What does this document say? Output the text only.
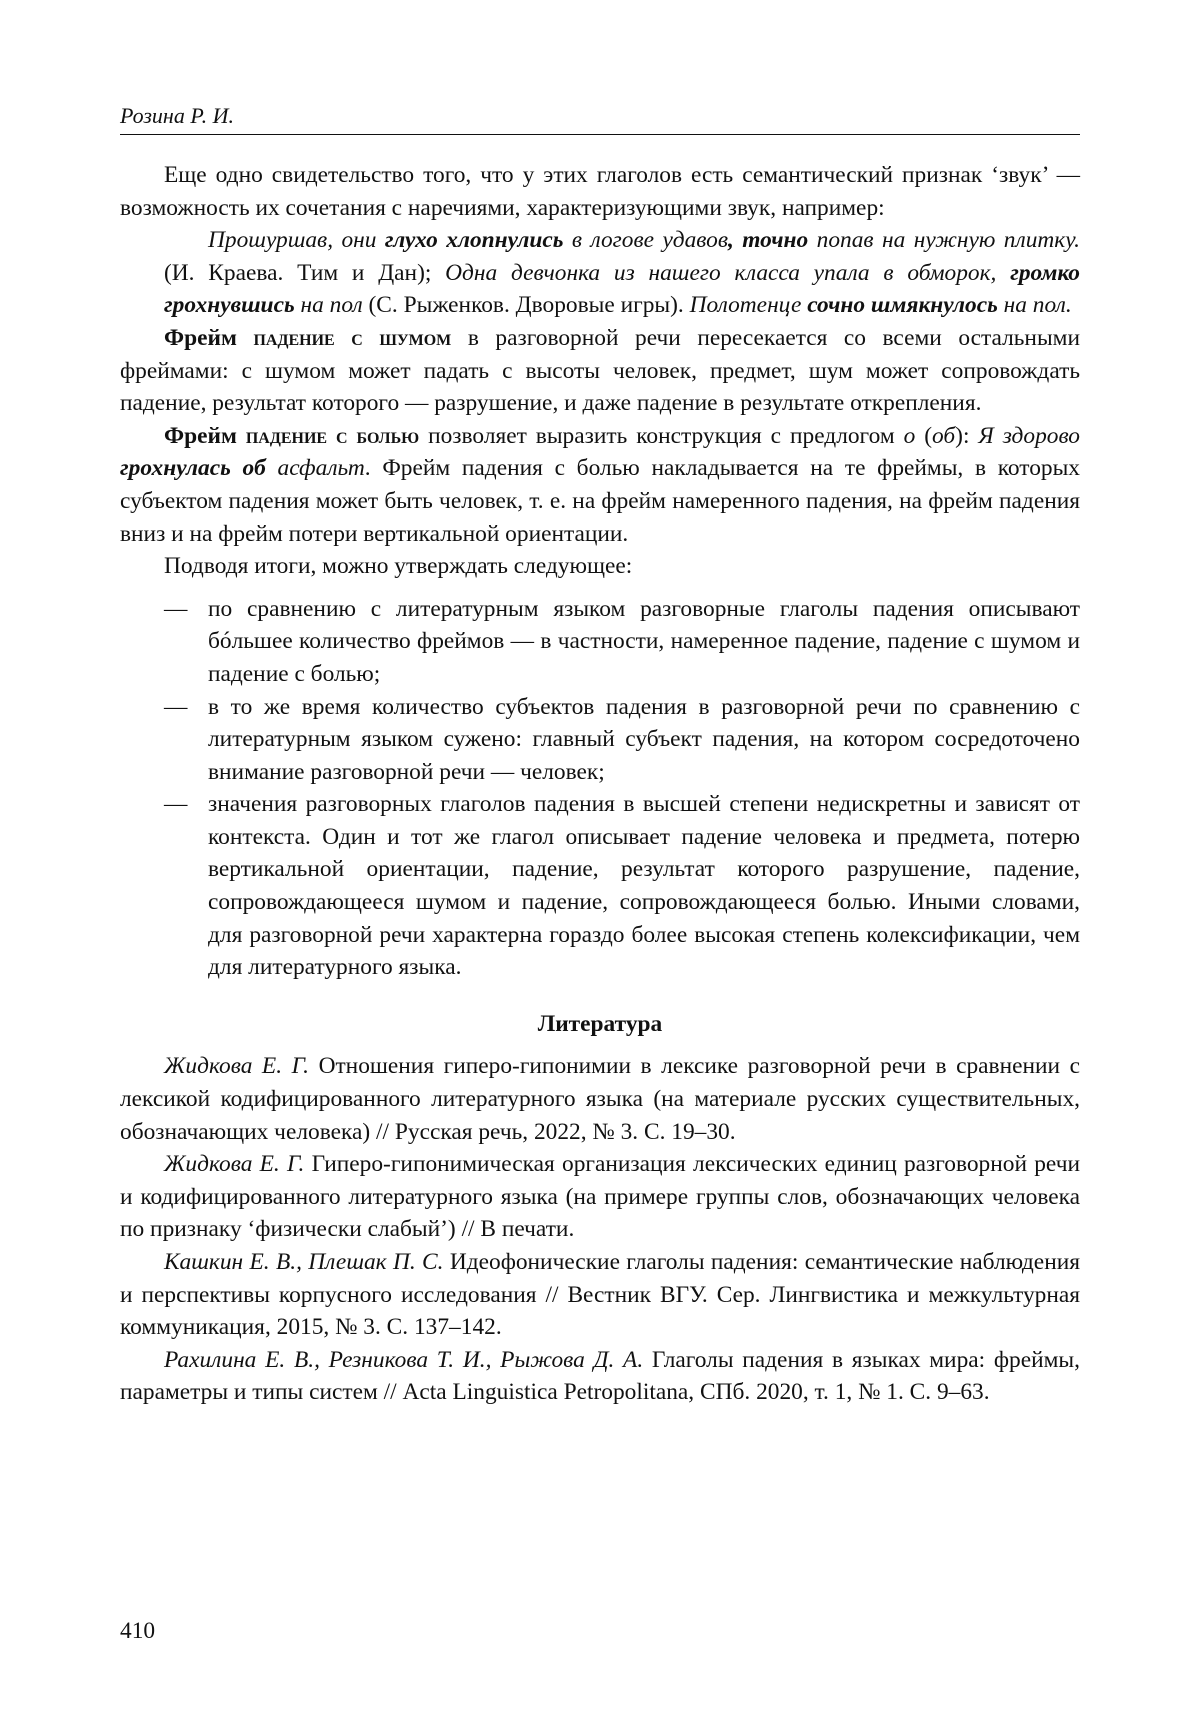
Розина Р. И.

Еще одно свидетельство того, что у этих глаголов есть семантический признак ‘звук’ — возможность их сочетания с наречиями, характеризующими звук, например:

Прошуршав, они глухо хлопнулись в логове удавов, точно попав на нужную плитку. (И. Краева. Тим и Дан); Одна девчонка из нашего класса упала в обморок, громко грохнувшись на пол (С. Рыженков. Дворовые игры). Полотенце сочно шмякнулось на пол.

Фрейм падение с шумом в разговорной речи пересекается со всеми остальными фреймами: с шумом может падать с высоты человек, предмет, шум может сопровождать падение, результат которого — разрушение, и даже падение в результате открепления.

Фрейм падение с болью позволяет выразить конструкция с предлогом о (об): Я здорово грохнулась об асфальт. Фрейм падения с болью накладывается на те фреймы, в которых субъектом падения может быть человек, т. е. на фрейм намеренного падения, на фрейм падения вниз и на фрейм потери вертикальной ориентации.

Подводя итоги, можно утверждать следующее:

— по сравнению с литературным языком разговорные глаголы падения описывают бóльшее количество фреймов — в частности, намеренное падение, падение с шумом и падение с болью;
— в то же время количество субъектов падения в разговорной речи по сравнению с литературным языком сужено: главный субъект падения, на котором сосредоточено внимание разговорной речи — человек;
— значения разговорных глаголов падения в высшей степени недискретны и зависят от контекста. Один и тот же глагол описывает падение человека и предмета, потерю вертикальной ориентации, падение, результат которого разрушение, падение, сопровождающееся шумом и падение, сопровождающееся болью. Иными словами, для разговорной речи характерна гораздо более высокая степень колексификации, чем для литературного языка.

Литература

Жидкова Е. Г. Отношения гиперо-гипонимии в лексике разговорной речи в сравнении с лексикой кодифицированного литературного языка (на материале русских существительных, обозначающих человека) // Русская речь, 2022, № 3. С. 19–30.

Жидкова Е. Г. Гиперо-гипонимическая организация лексических единиц разговорной речи и кодифицированного литературного языка (на примере группы слов, обозначающих человека по признаку ‘физически слабый’) // В печати.

Кашкин Е. В., Плешак П. С. Идеофонические глаголы падения: семантические наблюдения и перспективы корпусного исследования // Вестник ВГУ. Сер. Лингвистика и межкультурная коммуникация, 2015, № 3. С. 137–142.

Рахилина Е. В., Резникова Т. И., Рыжова Д. А. Глаголы падения в языках мира: фреймы, параметры и типы систем // Acta Linguistica Petropolitana, СПб. 2020, т. 1, № 1. С. 9–63.

410
